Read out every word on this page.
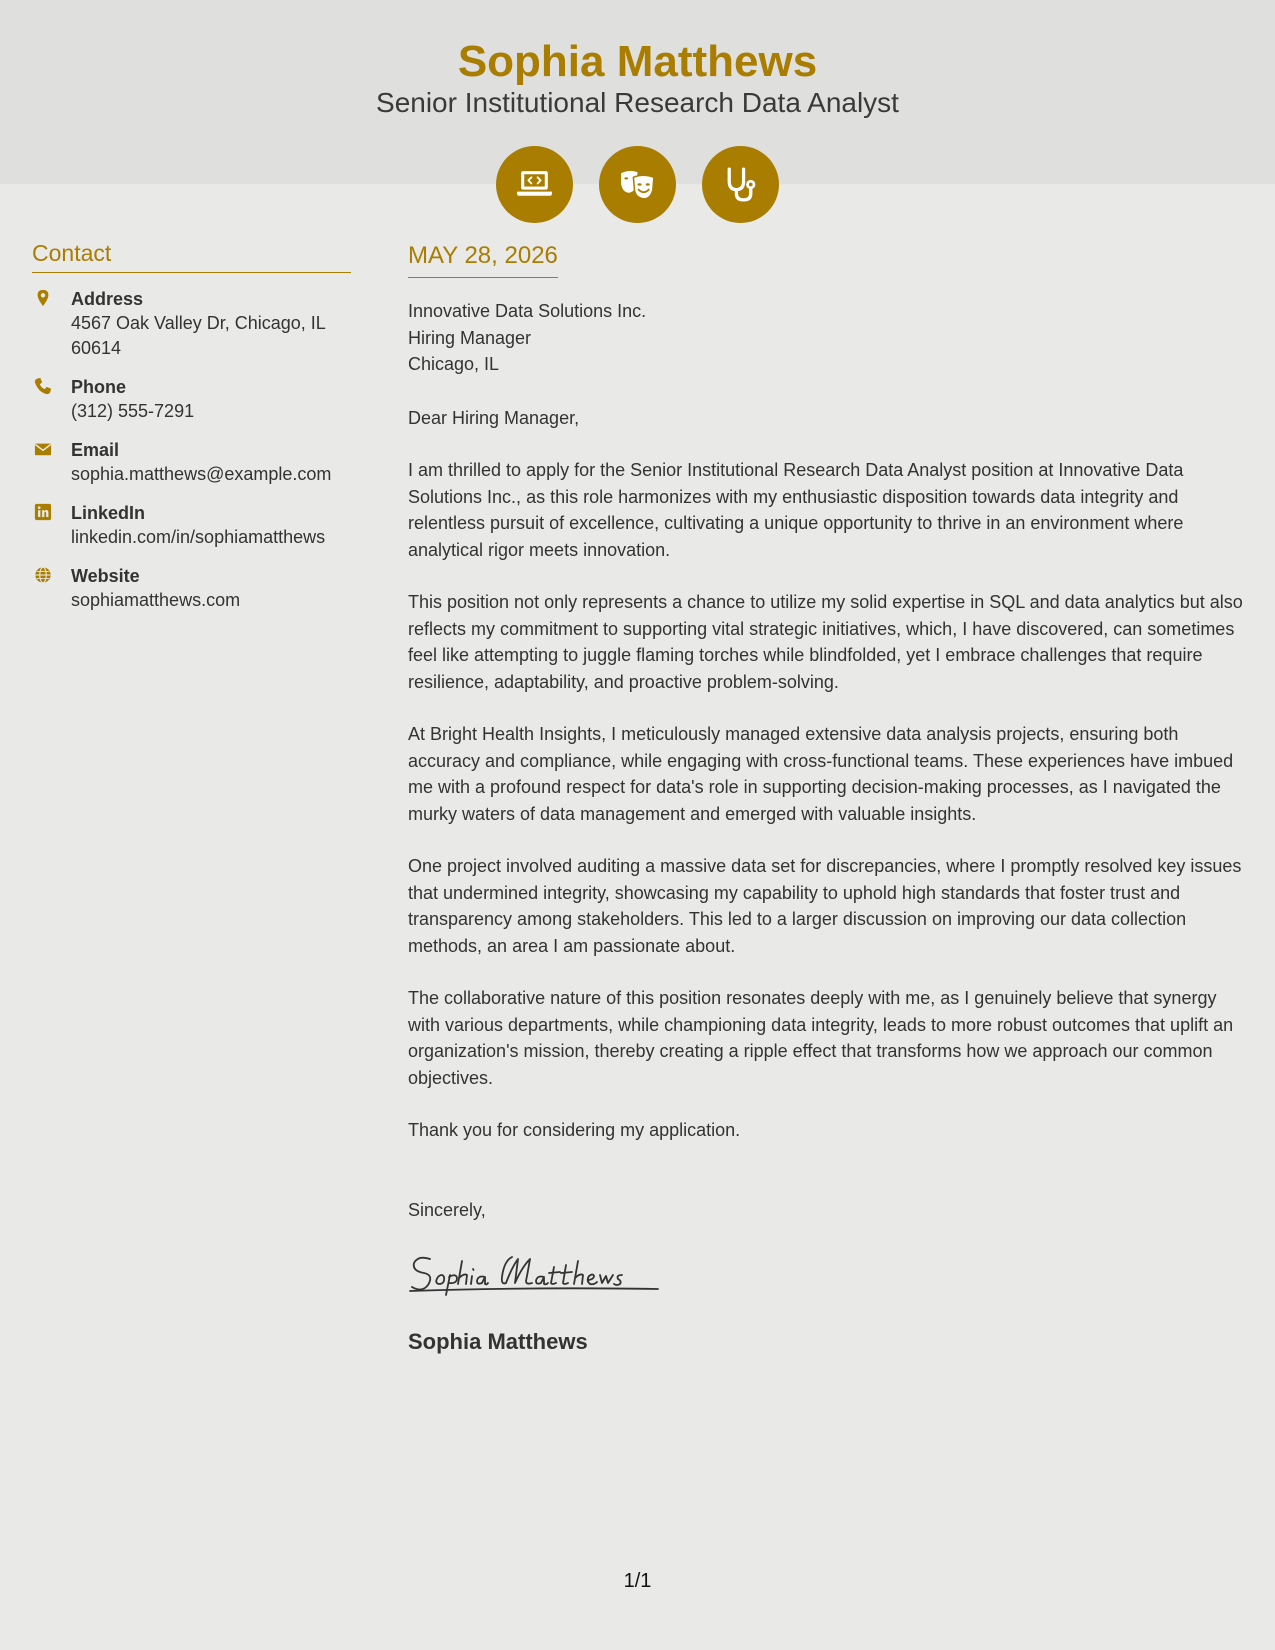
Sophia Matthews
Senior Institutional Research Data Analyst
Contact
Address
4567 Oak Valley Dr, Chicago, IL 60614
Phone
(312) 555-7291
Email
sophia.matthews@example.com
LinkedIn
linkedin.com/in/sophiamatthews
Website
sophiamatthews.com
MAY 28, 2026
Innovative Data Solutions Inc.
Hiring Manager
Chicago, IL
Dear Hiring Manager,
I am thrilled to apply for the Senior Institutional Research Data Analyst position at Innovative Data Solutions Inc., as this role harmonizes with my enthusiastic disposition towards data integrity and relentless pursuit of excellence, cultivating a unique opportunity to thrive in an environment where analytical rigor meets innovation.
This position not only represents a chance to utilize my solid expertise in SQL and data analytics but also reflects my commitment to supporting vital strategic initiatives, which, I have discovered, can sometimes feel like attempting to juggle flaming torches while blindfolded, yet I embrace challenges that require resilience, adaptability, and proactive problem-solving.
At Bright Health Insights, I meticulously managed extensive data analysis projects, ensuring both accuracy and compliance, while engaging with cross-functional teams. These experiences have imbued me with a profound respect for data's role in supporting decision-making processes, as I navigated the murky waters of data management and emerged with valuable insights.
One project involved auditing a massive data set for discrepancies, where I promptly resolved key issues that undermined integrity, showcasing my capability to uphold high standards that foster trust and transparency among stakeholders. This led to a larger discussion on improving our data collection methods, an area I am passionate about.
The collaborative nature of this position resonates deeply with me, as I genuinely believe that synergy with various departments, while championing data integrity, leads to more robust outcomes that uplift an organization's mission, thereby creating a ripple effect that transforms how we approach our common objectives.
Thank you for considering my application.
Sincerely,
Sophia Matthews
1/1
